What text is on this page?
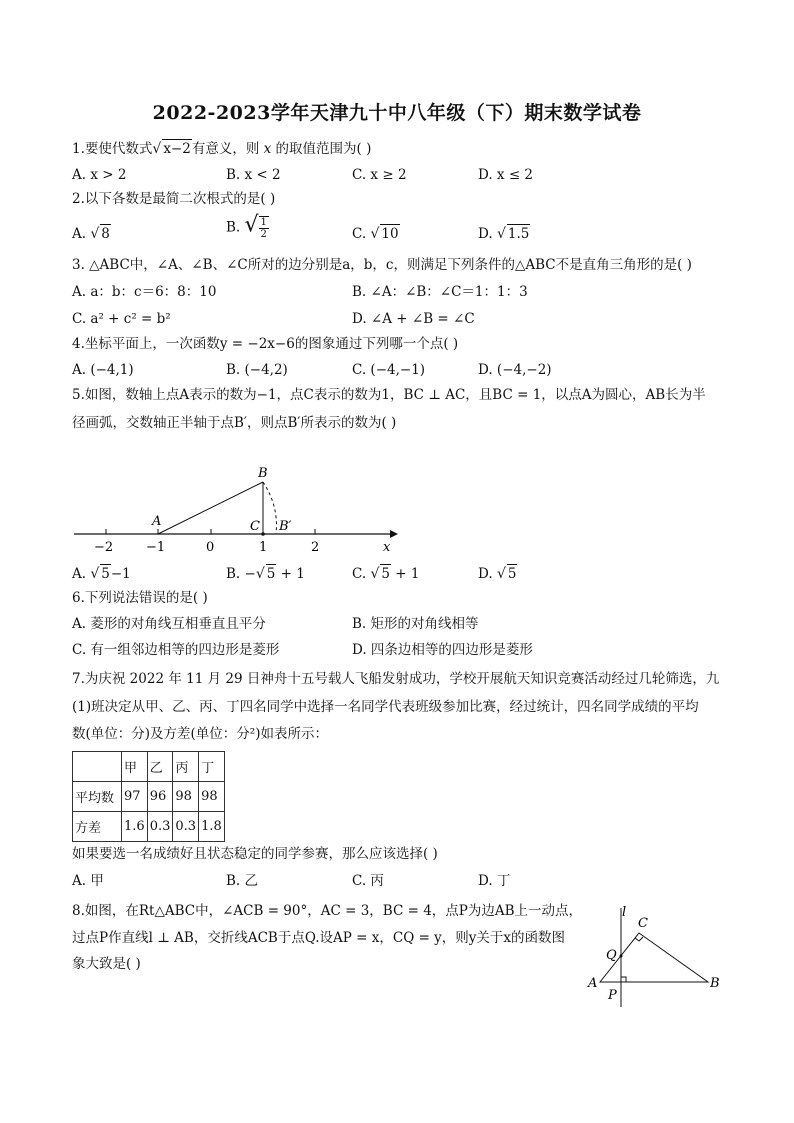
2022-2023学年天津九十中八年级（下）期末数学试卷
1.要使代数式√ x−2有意义，则 x 的取值范围为( )
A. x > 2	B. x < 2	C. x ≥ 2	D. x ≤ 2
2.以下各数是最简二次根式的是( )
A. √ 8	B. √ $\frac{1}{2}$	C. √ 10	D. √ 1.5
3. △ABC中，∠A、∠B、∠C所对的边分别是a，b，c，则满足下列条件的△ABC不是直角三角形的是( )
A. a：b：c＝6：8：10	B. ∠A：∠B：∠C＝1：1：3
C. a² + c² = b²	D. ∠A + ∠B = ∠C
4.坐标平面上，一次函数y = −2x−6的图象通过下列哪一个点( )
A. (−4,1)	B. (−4,2)	C. (−4,−1)	D. (−4,−2)
5.如图，数轴上点A表示的数为−1，点C表示的数为1，BC ⊥ AC，且BC = 1，以点A为圆心，AB长为半
径画弧，交数轴正半轴于点B′，则点B′所表示的数为( )
−2	−1	0	1	2	x
A
B
C B′
A. √ 5−1	B. −√ 5 + 1	C. √ 5 + 1	D. √ 5
6.下列说法错误的是( )
A. 菱形的对角线互相垂直且平分	B. 矩形的对角线相等
C. 有一组邻边相等的四边形是菱形	D. 四条边相等的四边形是菱形
7.为庆祝 2022 年 11 月 29 日神舟十五号载人飞船发射成功，学校开展航天知识竞赛活动经过几轮筛选，九
(1)班决定从甲、乙、丙、丁四名同学中选择一名同学代表班级参加比赛，经过统计，四名同学成绩的平均
数(单位：分)及方差(单位：分²)如表所示：
	甲	乙	丙	丁
平均数	97	96	98	98
方差	1.6	0.3	0.3	1.8
如果要选一名成绩好且状态稳定的同学参赛，那么应该选择( )
A. 甲	B. 乙	C. 丙	D. 丁
8.如图，在Rt△ABC中，∠ACB = 90°，AC = 3，BC = 4，点P为边AB上一动点，
过点P作直线l ⊥ AB，交折线ACB于点Q.设AP = x，CQ = y，则y关于x的函数图
象大致是( )
l
C
Q
A
P
B
